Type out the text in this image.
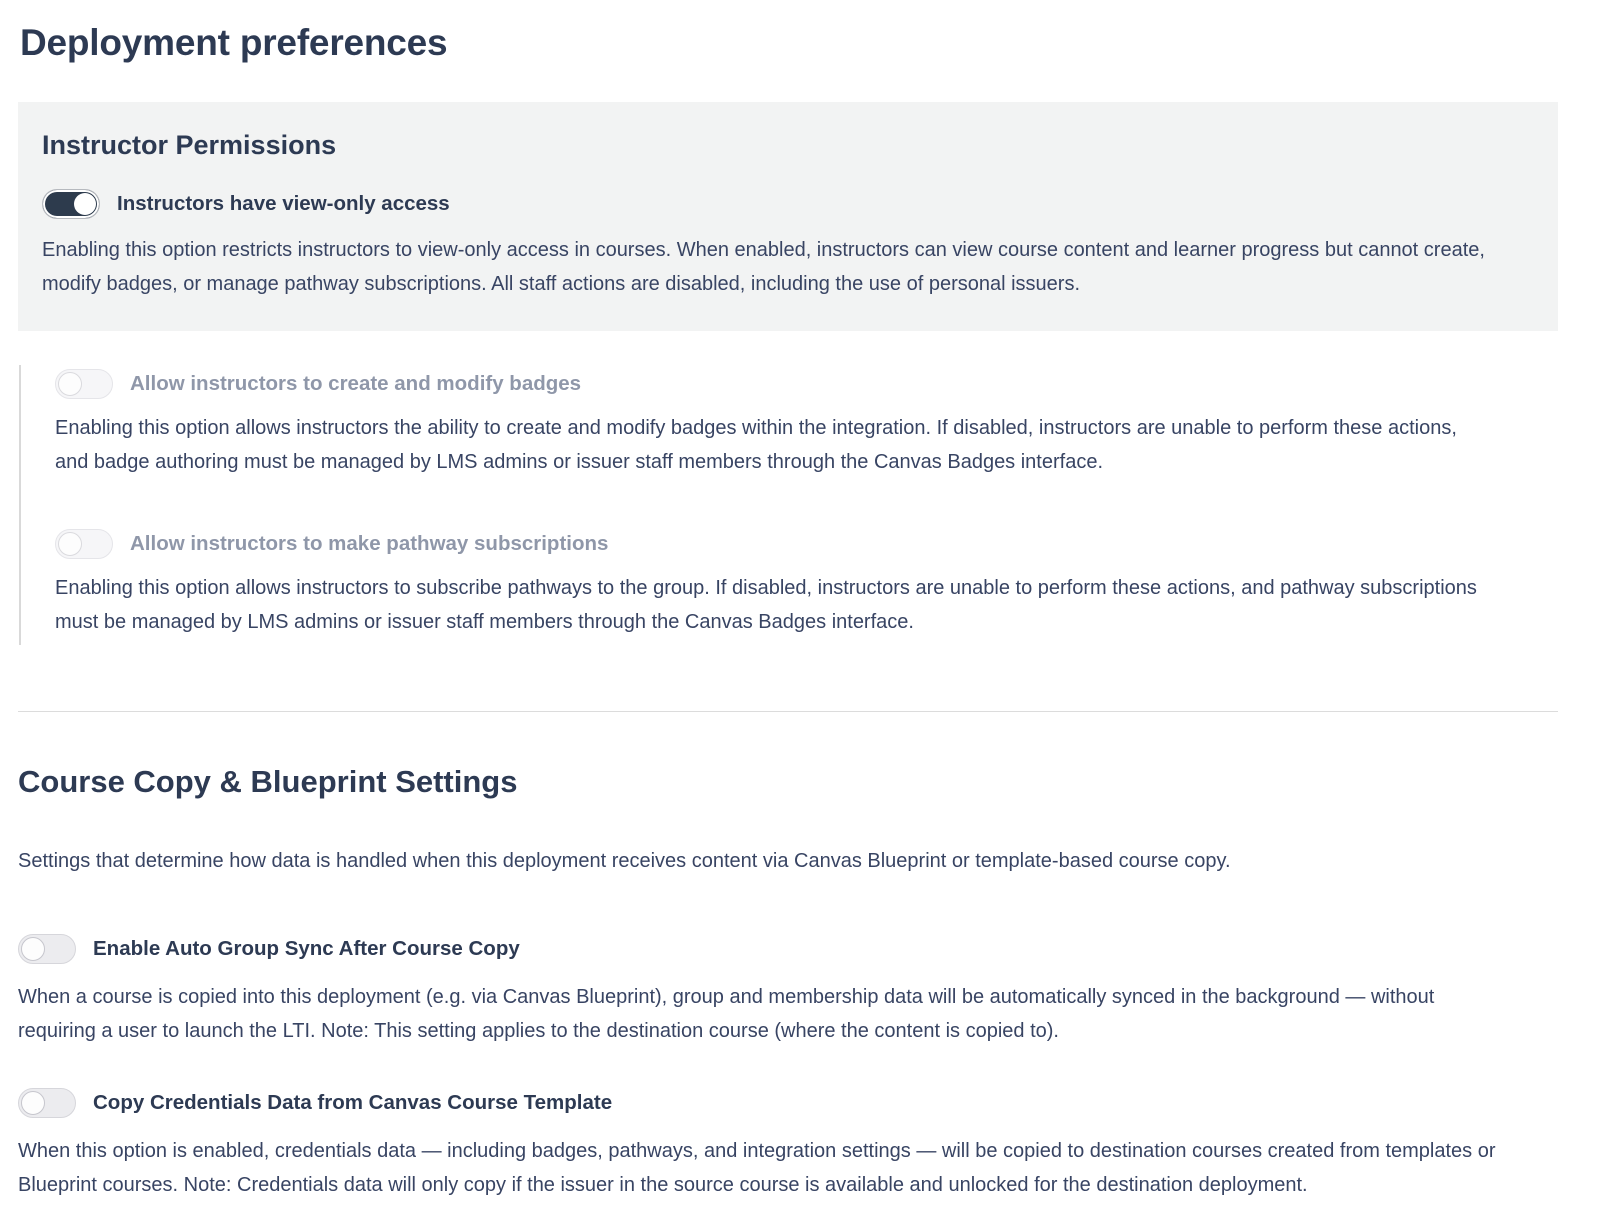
Deployment preferences
Instructor Permissions
Instructors have view-only access

Enabling this option restricts instructors to view-only access in courses. When enabled, instructors can view course content and learner progress but cannot create, modify badges, or manage pathway subscriptions. All staff actions are disabled, including the use of personal issuers.

Allow instructors to create and modify badges

Enabling this option allows instructors the ability to create and modify badges within the integration. If disabled, instructors are unable to perform these actions, and badge authoring must be managed by LMS admins or issuer staff members through the Canvas Badges interface.

Allow instructors to make pathway subscriptions

Enabling this option allows instructors to subscribe pathways to the group. If disabled, instructors are unable to perform these actions, and pathway subscriptions must be managed by LMS admins or issuer staff members through the Canvas Badges interface.

Course Copy & Blueprint Settings

Settings that determine how data is handled when this deployment receives content via Canvas Blueprint or template-based course copy.

Enable Auto Group Sync After Course Copy

When a course is copied into this deployment (e.g. via Canvas Blueprint), group and membership data will be automatically synced in the background — without requiring a user to launch the LTI. Note: This setting applies to the destination course (where the content is copied to).

Copy Credentials Data from Canvas Course Template

When this option is enabled, credentials data — including badges, pathways, and integration settings — will be copied to destination courses created from templates or Blueprint courses. Note: Credentials data will only copy if the issuer in the source course is available and unlocked for the destination deployment.
